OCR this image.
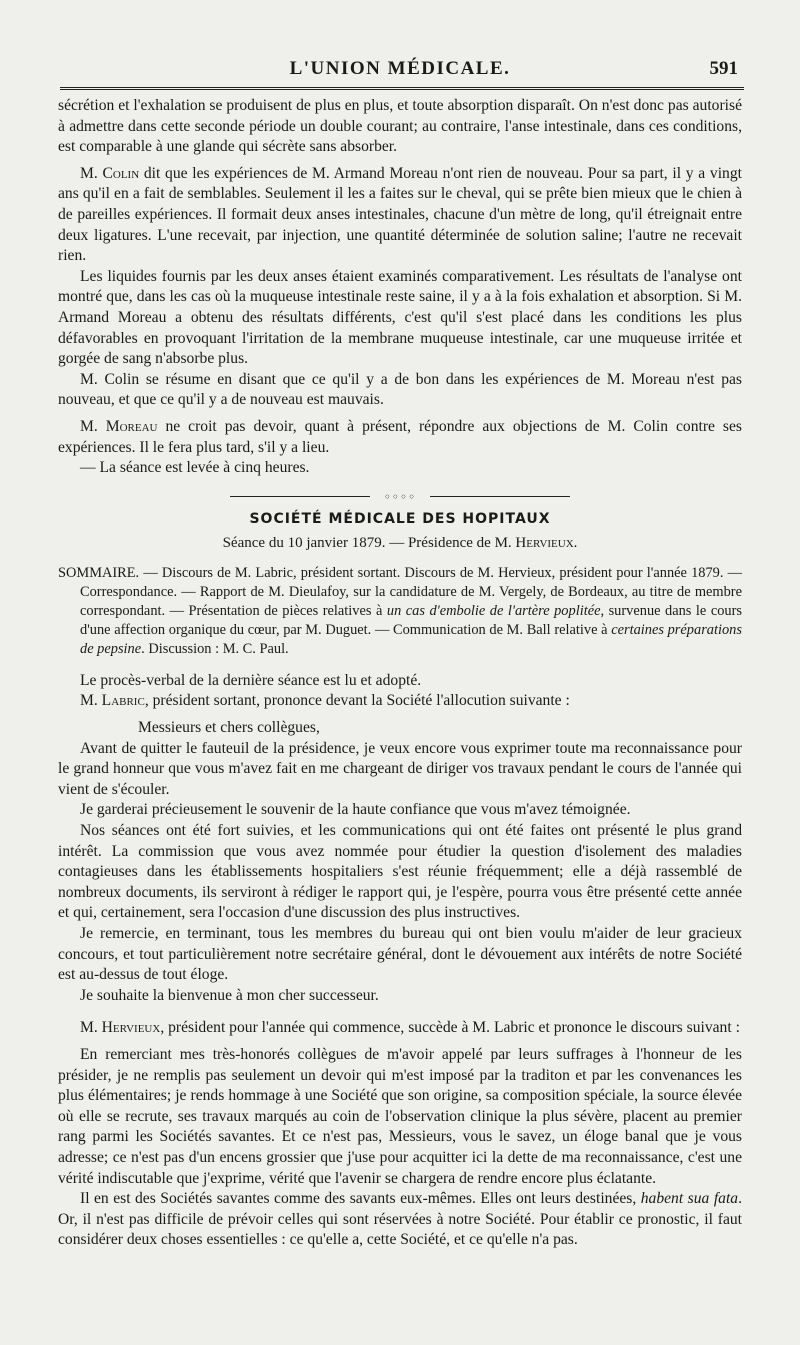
L'UNION MÉDICALE.	591

sécrétion et l'exhalation se produisent de plus en plus, et toute absorption disparaît. On n'est donc pas autorisé à admettre dans cette seconde période un double courant; au contraire, l'anse intestinale, dans ces conditions, est comparable à une glande qui sécrète sans absorber.

M. Colin dit que les expériences de M. Armand Moreau n'ont rien de nouveau. Pour sa part, il y a vingt ans qu'il en a fait de semblables. Seulement il les a faites sur le cheval, qui se prête bien mieux que le chien à de pareilles expériences. Il formait deux anses intestinales, chacune d'un mètre de long, qu'il étreignait entre deux ligatures. L'une recevait, par injection, une quantité déterminée de solution saline; l'autre ne recevait rien.

Les liquides fournis par les deux anses étaient examinés comparativement. Les résultats de l'analyse ont montré que, dans les cas où la muqueuse intestinale reste saine, il y a à la fois exhalation et absorption. Si M. Armand Moreau a obtenu des résultats différents, c'est qu'il s'est placé dans les conditions les plus défavorables en provoquant l'irritation de la membrane muqueuse intestinale, car une muqueuse irritée et gorgée de sang n'absorbe plus.

M. Colin se résume en disant que ce qu'il y a de bon dans les expériences de M. Moreau n'est pas nouveau, et que ce qu'il y a de nouveau est mauvais.

M. Moreau ne croit pas devoir, quant à présent, répondre aux objections de M. Colin contre ses expériences. Il le fera plus tard, s'il y a lieu.

— La séance est levée à cinq heures.

◦◦◦◦
SOCIÉTÉ MÉDICALE DES HOPITAUX
Séance du 10 janvier 1879. — Présidence de M. Hervieux.

SOMMAIRE. — Discours de M. Labric, président sortant. Discours de M. Hervieux, président pour l'année 1879. — Correspondance. — Rapport de M. Dieulafoy, sur la candidature de M. Vergely, de Bordeaux, au titre de membre correspondant. — Présentation de pièces relatives à un cas d'embolie de l'artère poplitée, survenue dans le cours d'une affection organique du cœur, par M. Duguet. — Communication de M. Ball relative à certaines préparations de pepsine. Discussion : M. C. Paul.

Le procès-verbal de la dernière séance est lu et adopté.

M. Labric, président sortant, prononce devant la Société l'allocution suivante :

Messieurs et chers collègues,

Avant de quitter le fauteuil de la présidence, je veux encore vous exprimer toute ma reconnaissance pour le grand honneur que vous m'avez fait en me chargeant de diriger vos travaux pendant le cours de l'année qui vient de s'écouler.

Je garderai précieusement le souvenir de la haute confiance que vous m'avez témoignée.

Nos séances ont été fort suivies, et les communications qui ont été faites ont présenté le plus grand intérêt. La commission que vous avez nommée pour étudier la question d'isolement des maladies contagieuses dans les établissements hospitaliers s'est réunie fréquemment; elle a déjà rassemblé de nombreux documents, ils serviront à rédiger le rapport qui, je l'espère, pourra vous être présenté cette année et qui, certainement, sera l'occasion d'une discussion des plus instructives.

Je remercie, en terminant, tous les membres du bureau qui ont bien voulu m'aider de leur gracieux concours, et tout particulièrement notre secrétaire général, dont le dévouement aux intérêts de notre Société est au-dessus de tout éloge.

Je souhaite la bienvenue à mon cher successeur.

M. Hervieux, président pour l'année qui commence, succède à M. Labric et prononce le discours suivant :

En remerciant mes très-honorés collègues de m'avoir appelé par leurs suffrages à l'honneur de les présider, je ne remplis pas seulement un devoir qui m'est imposé par la traditon et par les convenances les plus élémentaires; je rends hommage à une Société que son origine, sa composition spéciale, la source élevée où elle se recrute, ses travaux marqués au coin de l'observation clinique la plus sévère, placent au premier rang parmi les Sociétés savantes. Et ce n'est pas, Messieurs, vous le savez, un éloge banal que je vous adresse; ce n'est pas d'un encens grossier que j'use pour acquitter ici la dette de ma reconnaissance, c'est une vérité indiscutable que j'exprime, vérité que l'avenir se chargera de rendre encore plus éclatante.

Il en est des Sociétés savantes comme des savants eux-mêmes. Elles ont leurs destinées, habent sua fata. Or, il n'est pas difficile de prévoir celles qui sont réservées à notre Société. Pour établir ce pronostic, il faut considérer deux choses essentielles : ce qu'elle a, cette Société, et ce qu'elle n'a pas.
